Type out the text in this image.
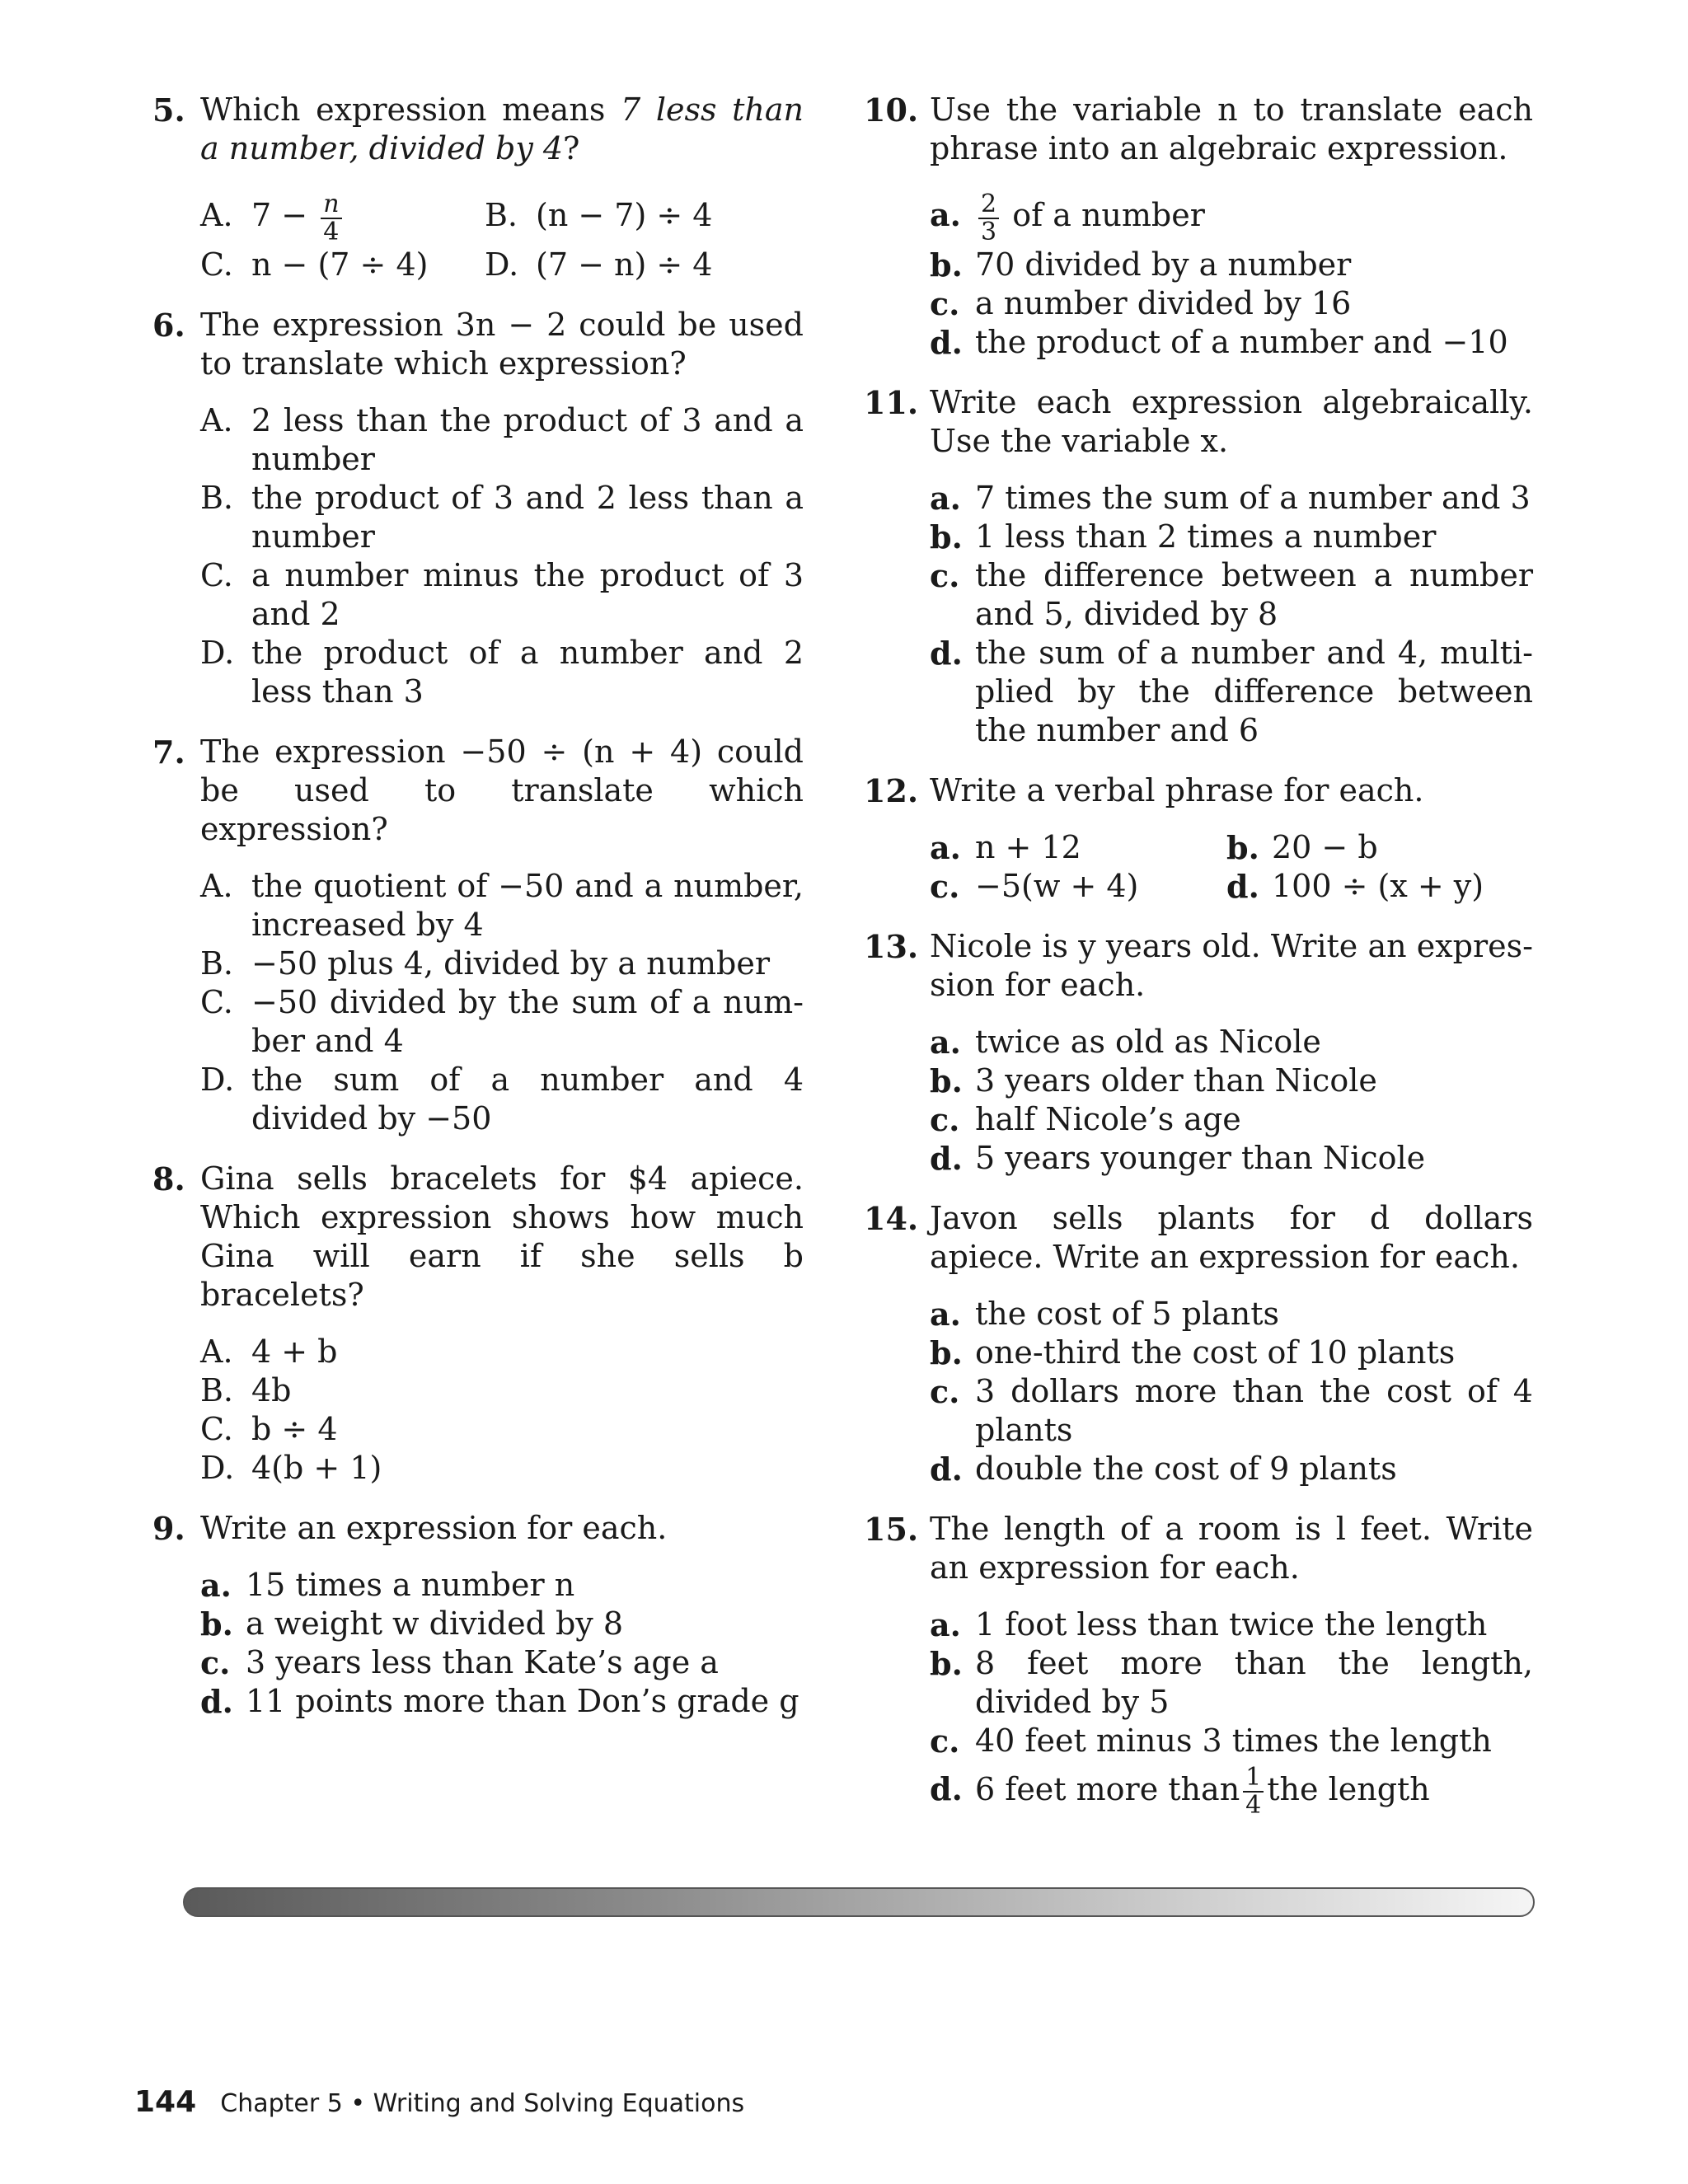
5. Which expression means 7 less than a number, divided by 4?
A. $7 - \frac{n}{4}$	B. (n − 7) ÷ 4
C. n − (7 ÷ 4)	D. (7 − n) ÷ 4
6. The expression 3n − 2 could be used to translate which expression?
A. 2 less than the product of 3 and a number
B. the product of 3 and 2 less than a number
C. a number minus the product of 3 and 2
D. the product of a number and 2 less than 3
7. The expression −50 ÷ (n + 4) could be used to translate which expression?
A. the quotient of −50 and a number, increased by 4
B. −50 plus 4, divided by a number
C. −50 divided by the sum of a num-ber and 4
D. the sum of a number and 4 divided by −50
8. Gina sells bracelets for $4 apiece. Which expression shows how much Gina will earn if she sells b bracelets?
A. 4 + b
B. 4b
C. b ÷ 4
D. 4(b + 1)
9. Write an expression for each.
a. 15 times a number n
b. a weight w divided by 8
c. 3 years less than Kate’s age a
d. 11 points more than Don’s grade g
10. Use the variable n to translate each phrase into an algebraic expression.
a. $\frac{2}{3}$ of a number
b. 70 divided by a number
c. a number divided by 16
d. the product of a number and −10
11. Write each expression algebraically. Use the variable x.
a. 7 times the sum of a number and 3
b. 1 less than 2 times a number
c. the difference between a number and 5, divided by 8
d. the sum of a number and 4, multi-plied by the difference between the number and 6
12. Write a verbal phrase for each.
a. n + 12	b. 20 − b
c. −5(w + 4)	d. 100 ÷ (x + y)
13. Nicole is y years old. Write an expres-sion for each.
a. twice as old as Nicole
b. 3 years older than Nicole
c. half Nicole’s age
d. 5 years younger than Nicole
14. Javon sells plants for d dollars apiece. Write an expression for each.
a. the cost of 5 plants
b. one-third the cost of 10 plants
c. 3 dollars more than the cost of 4 plants
d. double the cost of 9 plants
15. The length of a room is l feet. Write an expression for each.
a. 1 foot less than twice the length
b. 8 feet more than the length, divided by 5
c. 40 feet minus 3 times the length
d. 6 feet more than $\frac{1}{4}$ the length
144 Chapter 5 • Writing and Solving Equations
